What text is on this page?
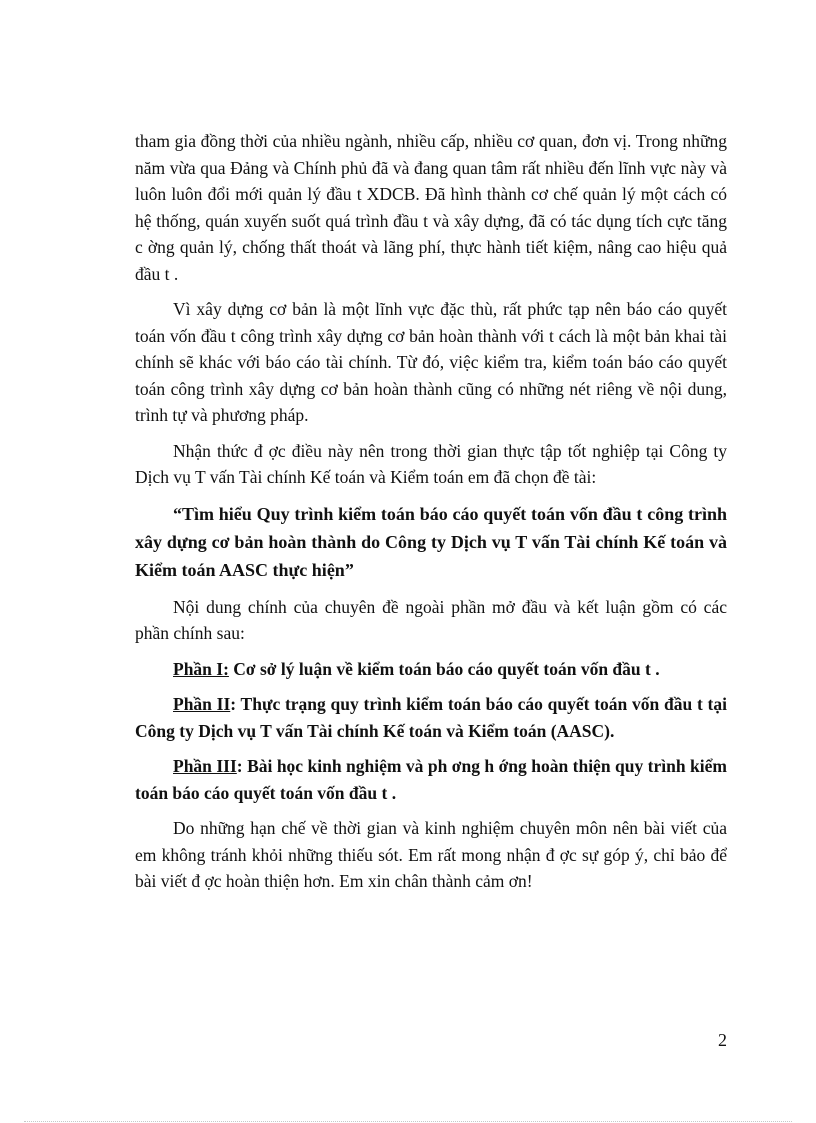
tham gia đồng thời của nhiều ngành, nhiều cấp, nhiều cơ quan, đơn vị. Trong những năm vừa qua Đảng và Chính phủ đã và đang quan tâm rất nhiều đến lĩnh vực này và luôn luôn đổi mới quản lý đầu t XDCB. Đã hình thành cơ chế quản lý một cách có hệ thống, quán xuyến suốt quá trình đầu t và xây dựng, đã có tác dụng tích cực tăng c ờng quản lý, chống thất thoát và lãng phí, thực hành tiết kiệm, nâng cao hiệu quả đầu t .

Vì xây dựng cơ bản là một lĩnh vực đặc thù, rất phức tạp nên báo cáo quyết toán vốn đầu t công trình xây dựng cơ bản hoàn thành với t cách là một bản khai tài chính sẽ khác với báo cáo tài chính. Từ đó, việc kiểm tra, kiểm toán báo cáo quyết toán công trình xây dựng cơ bản hoàn thành cũng có những nét riêng về nội dung, trình tự và phương pháp.

Nhận thức đ ợc điều này nên trong thời gian thực tập tốt nghiệp tại Công ty Dịch vụ T vấn Tài chính Kế toán và Kiểm toán em đã chọn đề tài:

“Tìm hiểu Quy trình kiểm toán báo cáo quyết toán vốn đầu t công trình xây dựng cơ bản hoàn thành do Công ty Dịch vụ T vấn Tài chính Kế toán và Kiểm toán AASC thực hiện”

Nội dung chính của chuyên đề ngoài phần mở đầu và kết luận gồm có các phần chính sau:

Phần I: Cơ sở lý luận về kiểm toán báo cáo quyết toán vốn đầu t .

Phần II: Thực trạng quy trình kiểm toán báo cáo quyết toán vốn đầu t tại Công ty Dịch vụ T vấn Tài chính Kế toán và Kiểm toán (AASC).

Phần III: Bài học kinh nghiệm và ph ơng h ớng hoàn thiện quy trình kiểm toán báo cáo quyết toán vốn đầu t .

Do những hạn chế về thời gian và kinh nghiệm chuyên môn nên bài viết của em không tránh khỏi những thiếu sót. Em rất mong nhận đ ợc sự góp ý, chỉ bảo để bài viết đ ợc hoàn thiện hơn. Em xin chân thành cảm ơn!

2
